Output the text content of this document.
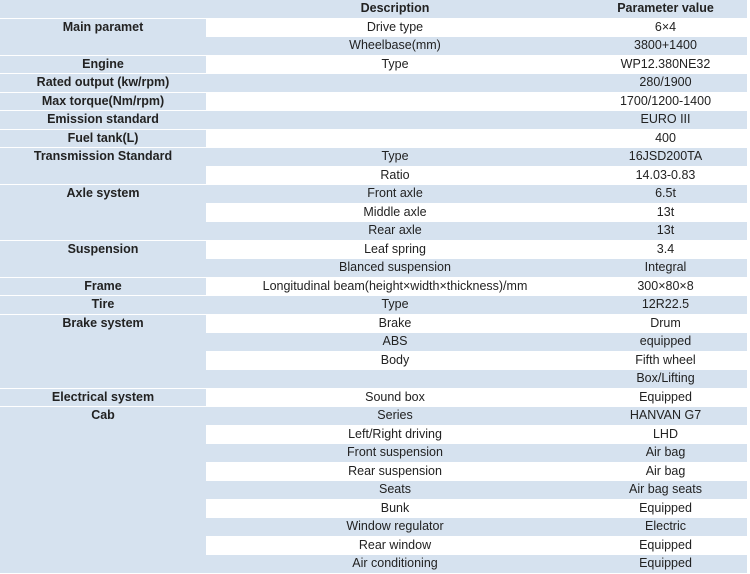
	Description	Parameter value
Main paramet	Drive type	6×4
	Wheelbase(mm)	3800+1400
Engine	Type	WP12.380NE32
Rated output (kw/rpm)		280/1900
Max torque(Nm/rpm)		1700/1200-1400
Emission standard		EURO III
Fuel tank(L)		400
Transmission Standard	Type	16JSD200TA
	Ratio	14.03-0.83
Axle system	Front axle	6.5t
	Middle axle	13t
	Rear axle	13t
Suspension	Leaf spring	3.4
	Blanced suspension	Integral
Frame	Longitudinal beam(height×width×thickness)/mm	300×80×8
Tire	Type	12R22.5
Brake system	Brake	Drum
	ABS	equipped
	Body	Fifth wheel
		Box/Lifting
Electrical system	Sound box	Equipped
Cab	Series	HANVAN G7
	Left/Right driving	LHD
	Front suspension	Air bag
	Rear suspension	Air bag
	Seats	Air bag seats
	Bunk	Equipped
	Window regulator	Electric
	Rear window	Equipped
	Air conditioning	Equipped
